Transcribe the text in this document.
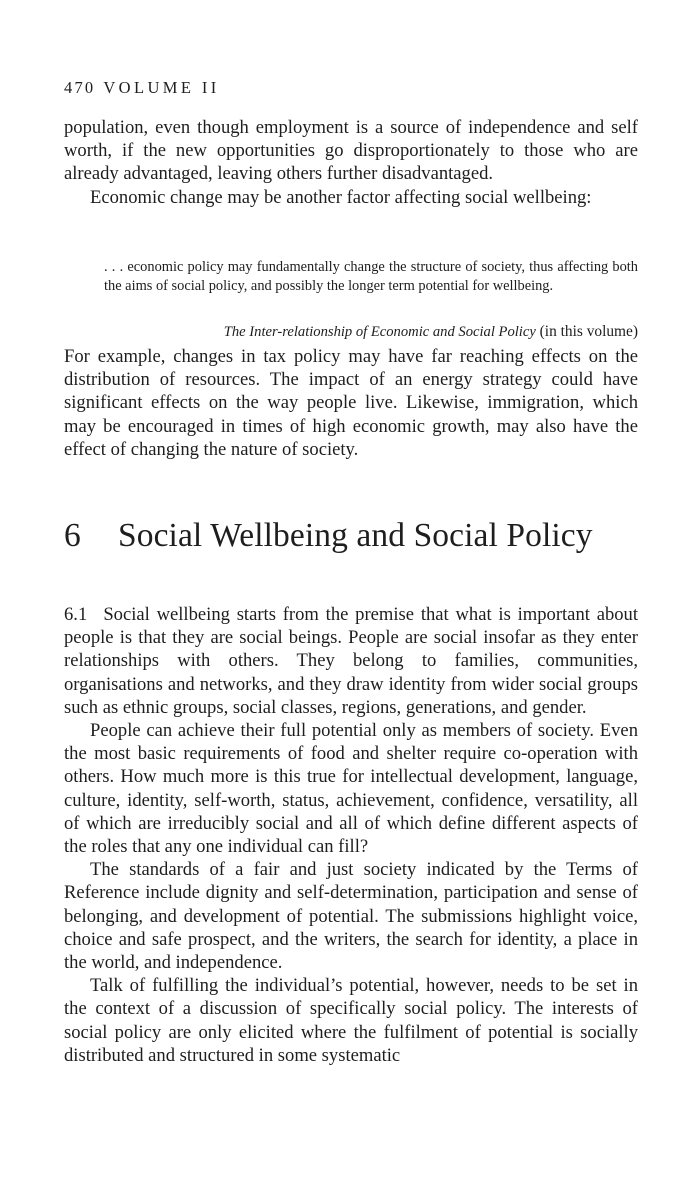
470 VOLUME II

population, even though employment is a source of independence and self worth, if the new opportunities go disproportionately to those who are already advantaged, leaving others further disadvantaged.

Economic change may be another factor affecting social wellbeing:

. . . economic policy may fundamentally change the structure of society, thus affecting both the aims of social policy, and possibly the longer term potential for wellbeing.

The Inter-relationship of Economic and Social Policy (in this volume)

For example, changes in tax policy may have far reaching effects on the distribution of resources. The impact of an energy strategy could have significant effects on the way people live. Likewise, immigration, which may be encouraged in times of high economic growth, may also have the effect of changing the nature of society.

6 Social Wellbeing and Social Policy

6.1  Social wellbeing starts from the premise that what is important about people is that they are social beings. People are social insofar as they enter relationships with others. They belong to families, communities, organisations and networks, and they draw identity from wider social groups such as ethnic groups, social classes, regions, generations, and gender.

People can achieve their full potential only as members of society. Even the most basic requirements of food and shelter require co-operation with others. How much more is this true for intellectual development, language, culture, identity, self-worth, status, achievement, confidence, versatility, all of which are irreducibly social and all of which define different aspects of the roles that any one individual can fill?

The standards of a fair and just society indicated by the Terms of Reference include dignity and self-determination, participation and sense of belonging, and development of potential. The submissions highlight voice, choice and safe prospect, and the writers, the search for identity, a place in the world, and independence.

Talk of fulfilling the individual’s potential, however, needs to be set in the context of a discussion of specifically social policy. The interests of social policy are only elicited where the fulfilment of potential is socially distributed and structured in some systematic
